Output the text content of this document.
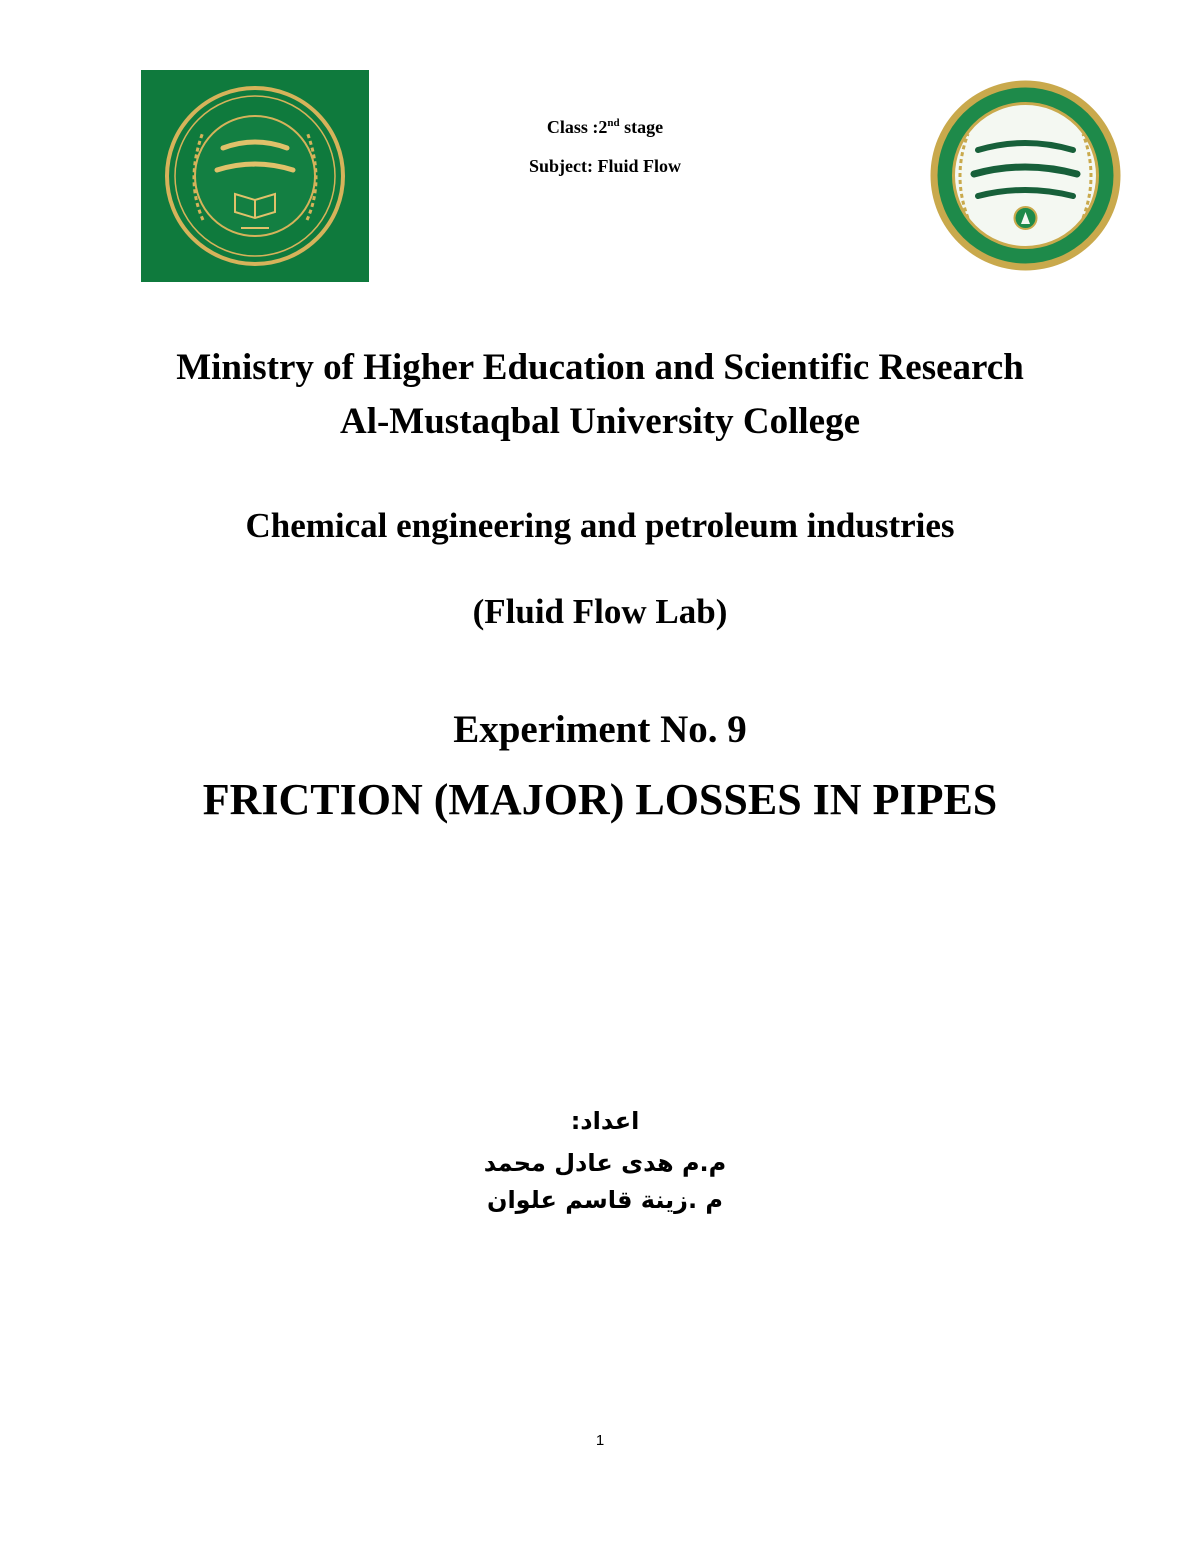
Class :2nd stage
Subject: Fluid Flow
Ministry of Higher Education and Scientific Research
Al-Mustaqbal University College
Chemical engineering and petroleum industries
(Fluid Flow Lab)
Experiment No. 9
FRICTION (MAJOR) LOSSES IN PIPES
اعداد:
م.م هدى عادل محمد
م .زينة قاسم علوان
1
